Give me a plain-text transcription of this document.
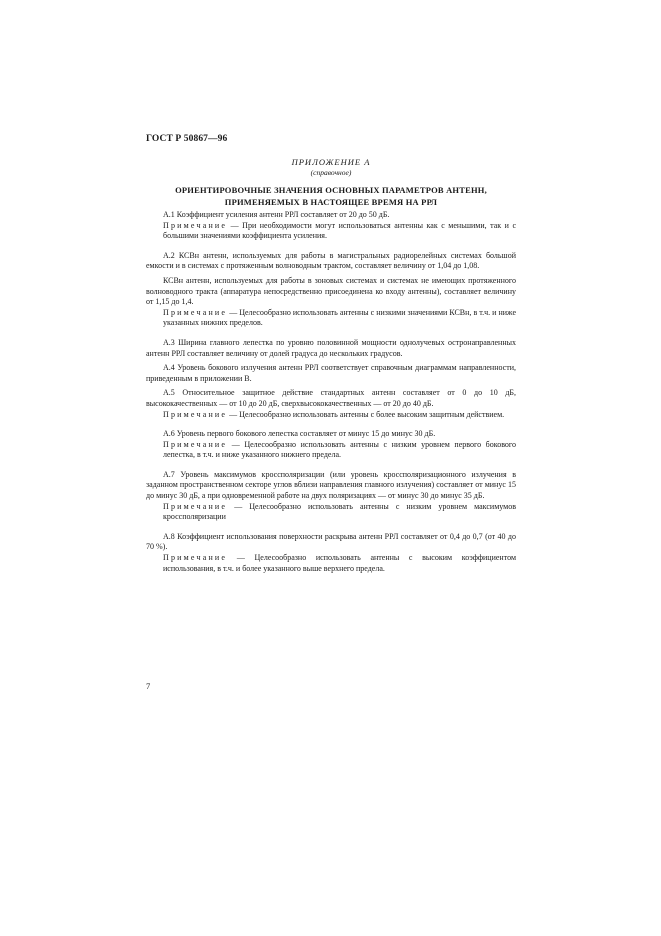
ГОСТ Р 50867—96
ПРИЛОЖЕНИЕ А
(справочное)
ОРИЕНТИРОВОЧНЫЕ ЗНАЧЕНИЯ ОСНОВНЫХ ПАРАМЕТРОВ АНТЕНН,
ПРИМЕНЯЕМЫХ В НАСТОЯЩЕЕ ВРЕМЯ НА РРЛ

А.1 Коэффициент усиления антенн РРЛ составляет от 20 до 50 дБ.

Примечание — При необходимости могут использоваться антенны как с меньшими, так и с большими значениями коэффициента усиления.

А.2 КСВн антенн, используемых для работы в магистральных радиорелейных системах большой емкости и в системах с протяженным волноводным трактом, составляет величину от 1,04 до 1,08.

КСВн антенн, используемых для работы в зоновых системах и системах не имеющих протяженного волноводного тракта (аппаратура непосредственно присоединена ко входу антенны), составляет величину от 1,15 до 1,4.

Примечание — Целесообразно использовать антенны с низкими значениями КСВн, в т.ч. и ниже указанных нижних пределов.

А.3 Ширина главного лепестка по уровню половинной мощности однолучевых остронаправленных антенн РРЛ составляет величину от долей градуса до нескольких градусов.

А.4 Уровень бокового излучения антенн РРЛ соответствует справочным диаграммам направленности, приведенным в приложении В.

А.5 Относительное защитное действие стандартных антенн составляет от 0 до 10 дБ, высококачественных — от 10 до 20 дБ, сверхвысококачественных — от 20 до 40 дБ.

Примечание — Целесообразно использовать антенны с более высоким защитным действием.

А.6 Уровень первого бокового лепестка составляет от минус 15 до минус 30 дБ.

Примечание — Целесообразно использовать антенны с низким уровнем первого бокового лепестка, в т.ч. и ниже указанного нижнего предела.

А.7 Уровень максимумов кроссполяризации (или уровень кроссполяризационного излучения в заданном пространственном секторе углов вблизи направления главного излучения) составляет от минус 15 до минус 30 дБ, а при одновременной работе на двух поляризациях — от минус 30 до минус 35 дБ.

Примечание — Целесообразно использовать антенны с низким уровнем максимумов кроссполяризации

А.8 Коэффициент использования поверхности раскрыва антенн РРЛ составляет от 0,4 до 0,7 (от 40 до 70 %).

Примечание — Целесообразно использовать антенны с высоким коэффициентом использования, в т.ч. и более указанного выше верхнего предела.

7
